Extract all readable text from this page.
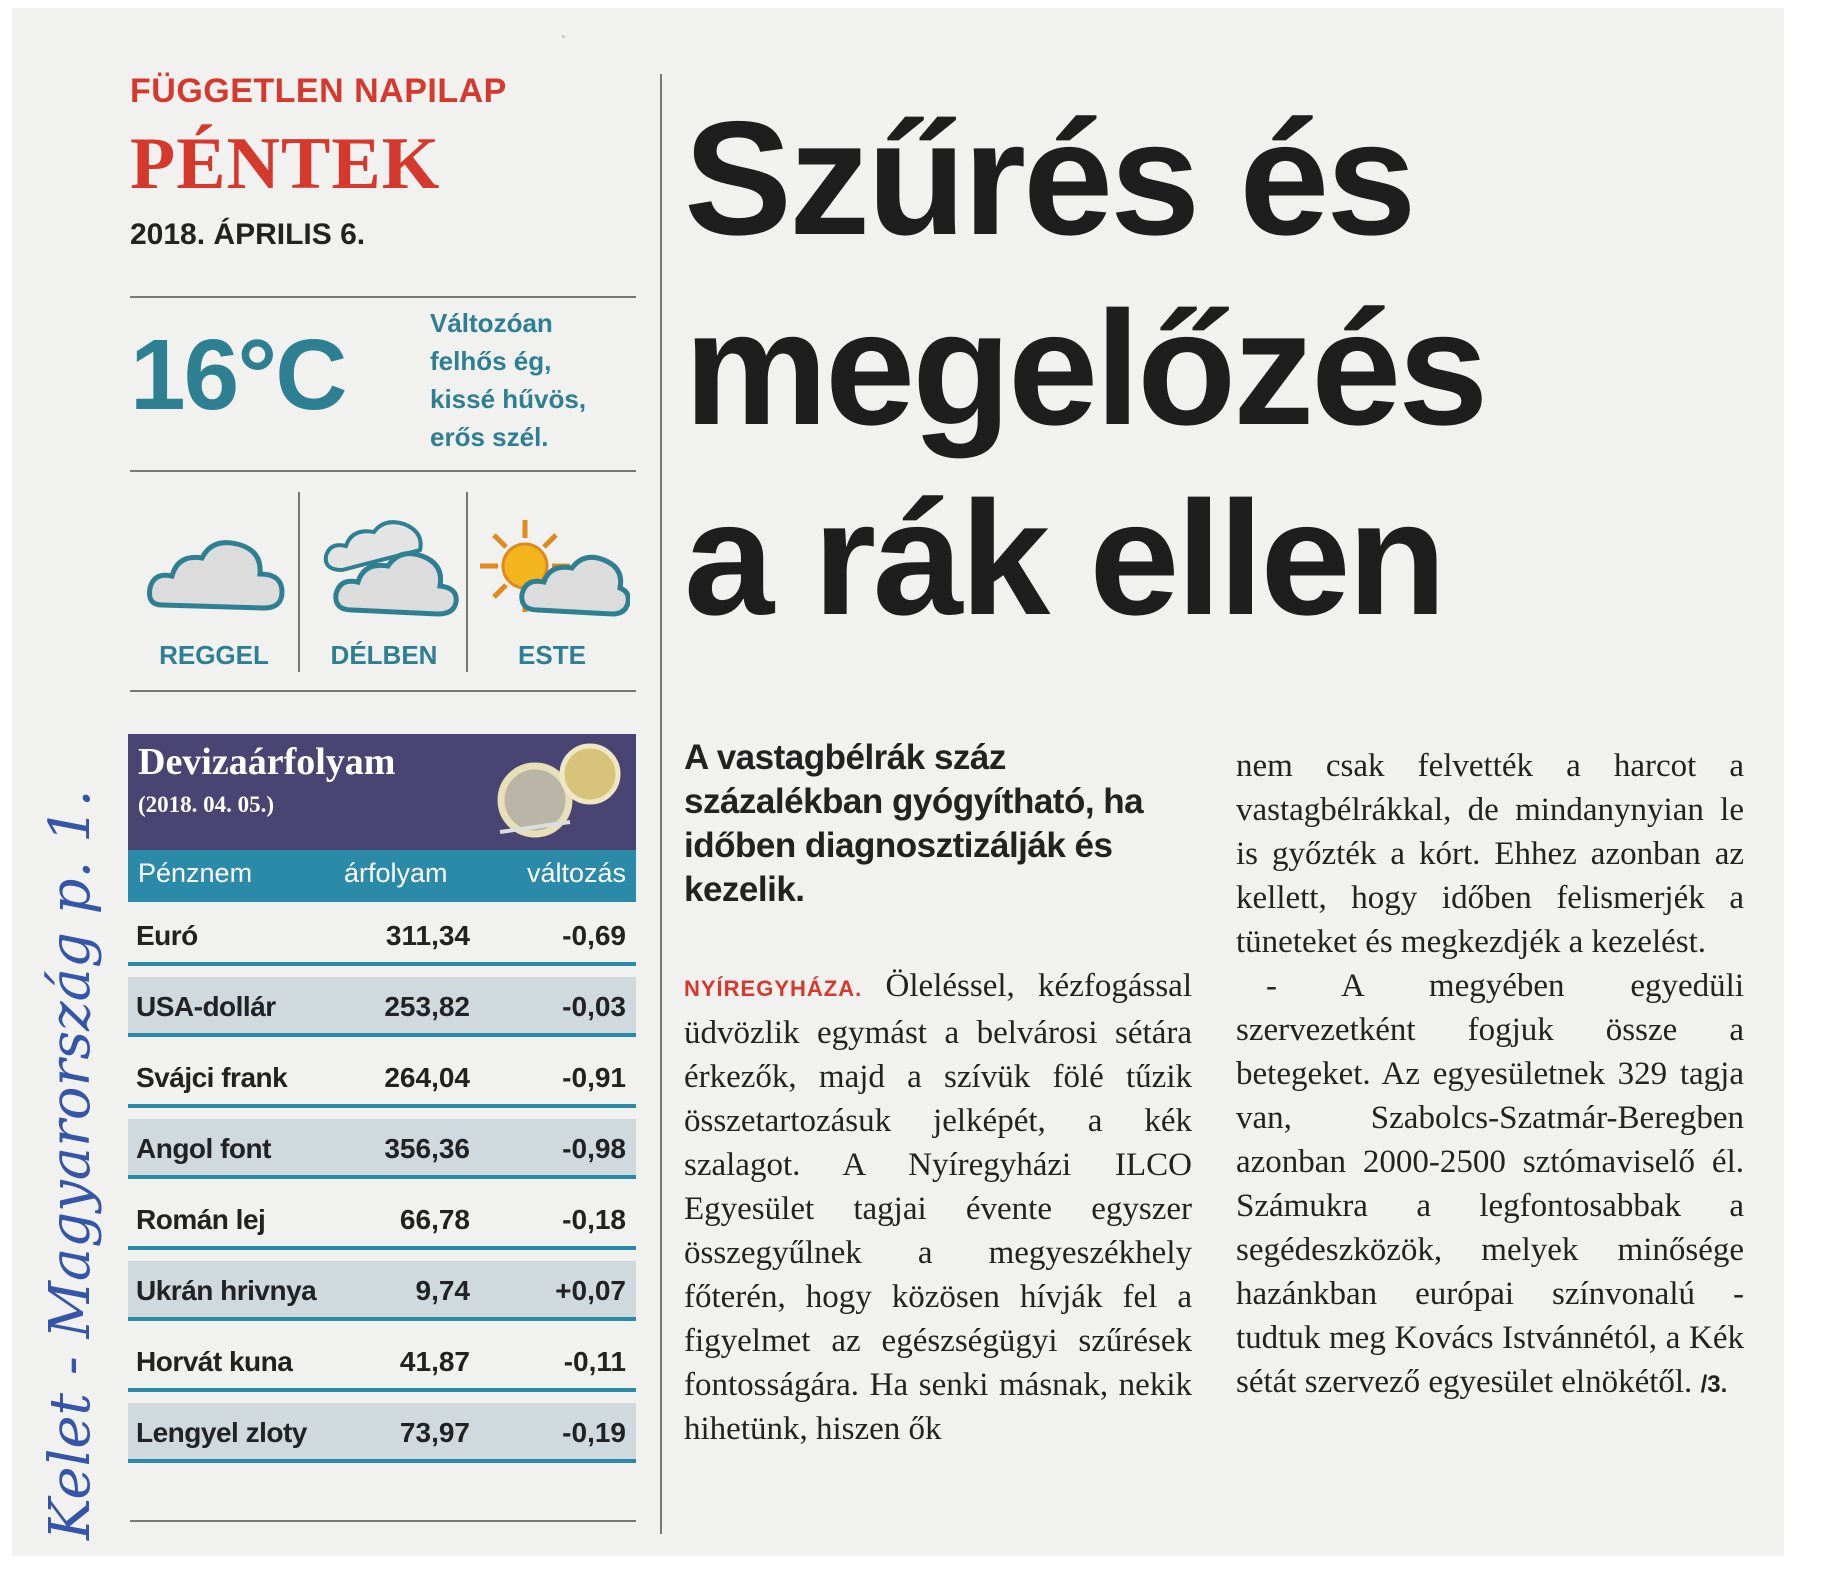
.
FÜGGETLEN NAPILAP
PÉNTEK
2018. ÁPRILIS 6.
16°C	Változóan
felhős ég,
kissé hűvös,
erős szél.
REGGEL	DÉLBEN	ESTE
Devizaárfolyam
(2018. 04. 05.)
Pénznem	árfolyam	változás
Euró	311,34	-0,69
USA-dollár	253,82	-0,03
Svájci frank	264,04	-0,91
Angol font	356,36	-0,98
Román lej	66,78	-0,18
Ukrán hrivnya	9,74	+0,07
Horvát kuna	41,87	-0,11
Lengyel zloty	73,97	-0,19
Szűrés és
megelőzés
a rák ellen
A vastagbélrák száz százalékban gyógyítható, ha időben diagnosztizálják és kezelik.
NYÍREGYHÁZA. Öleléssel, kézfogással üdvözlik egymást a belvárosi sétára érkezők, majd a szívük fölé tűzik összetartozásuk jelképét, a kék szalagot. A Nyíregyházi ILCO Egyesület tagjai évente egyszer összegyűlnek a megyeszékhely főterén, hogy közösen hívják fel a figyelmet az egészségügyi szűrések fontosságára. Ha senki másnak, nekik hihetünk, hiszen ők
nem csak felvették a harcot a vastagbélrákkal, de mindanynyian le is győzték a kórt. Ehhez azonban az kellett, hogy időben felismerjék a tüneteket és megkezdjék a kezelést.
- A megyében egyedüli szervezetként fogjuk össze a betegeket. Az egyesületnek 329 tagja van, Szabolcs-Szatmár-Beregben azonban 2000-2500 sztómaviselő él. Számukra a legfontosabbak a segédeszközök, melyek minősége hazánkban európai színvonalú - tudtuk meg Kovács Istvánnétól, a Kék sétát szervező egyesület elnökétől. /3.
Kelet - Magyarország p. 1.
